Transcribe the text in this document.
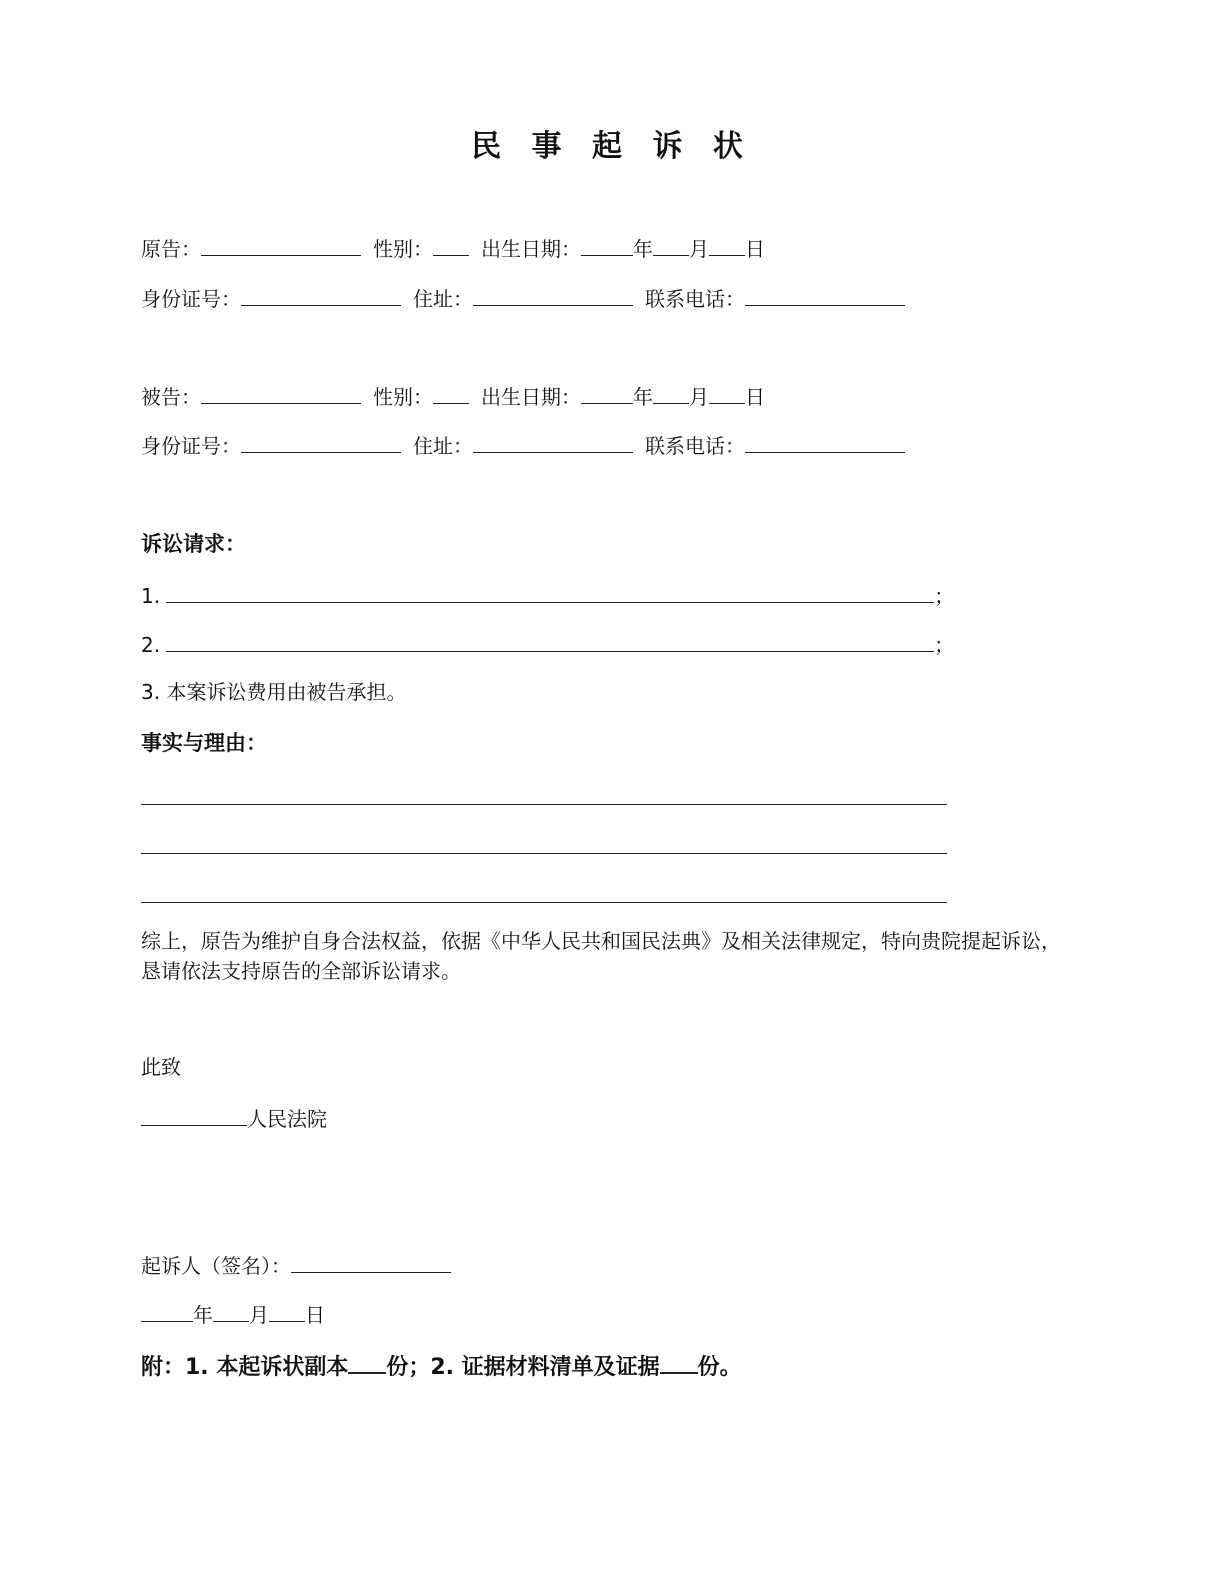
民 事 起 诉 状
原告：	性别： 出生日期：	年 月 日
身份证号：	住址：	联系电话：
被告：	性别： 出生日期：	年 月 日
身份证号：	住址：	联系电话：
诉讼请求：
1.	；
2.	；
3. 本案诉讼费用由被告承担。
事实与理由：
综上，原告为维护自身合法权益，依据《中华人民共和国民法典》及相关法律规定，特向贵院提起诉讼，恳请依法支持原告的全部诉讼请求。
此致
人民法院
起诉人（签名）：
年 月 日
附：1. 本起诉状副本 份；2. 证据材料清单及证据 份。
